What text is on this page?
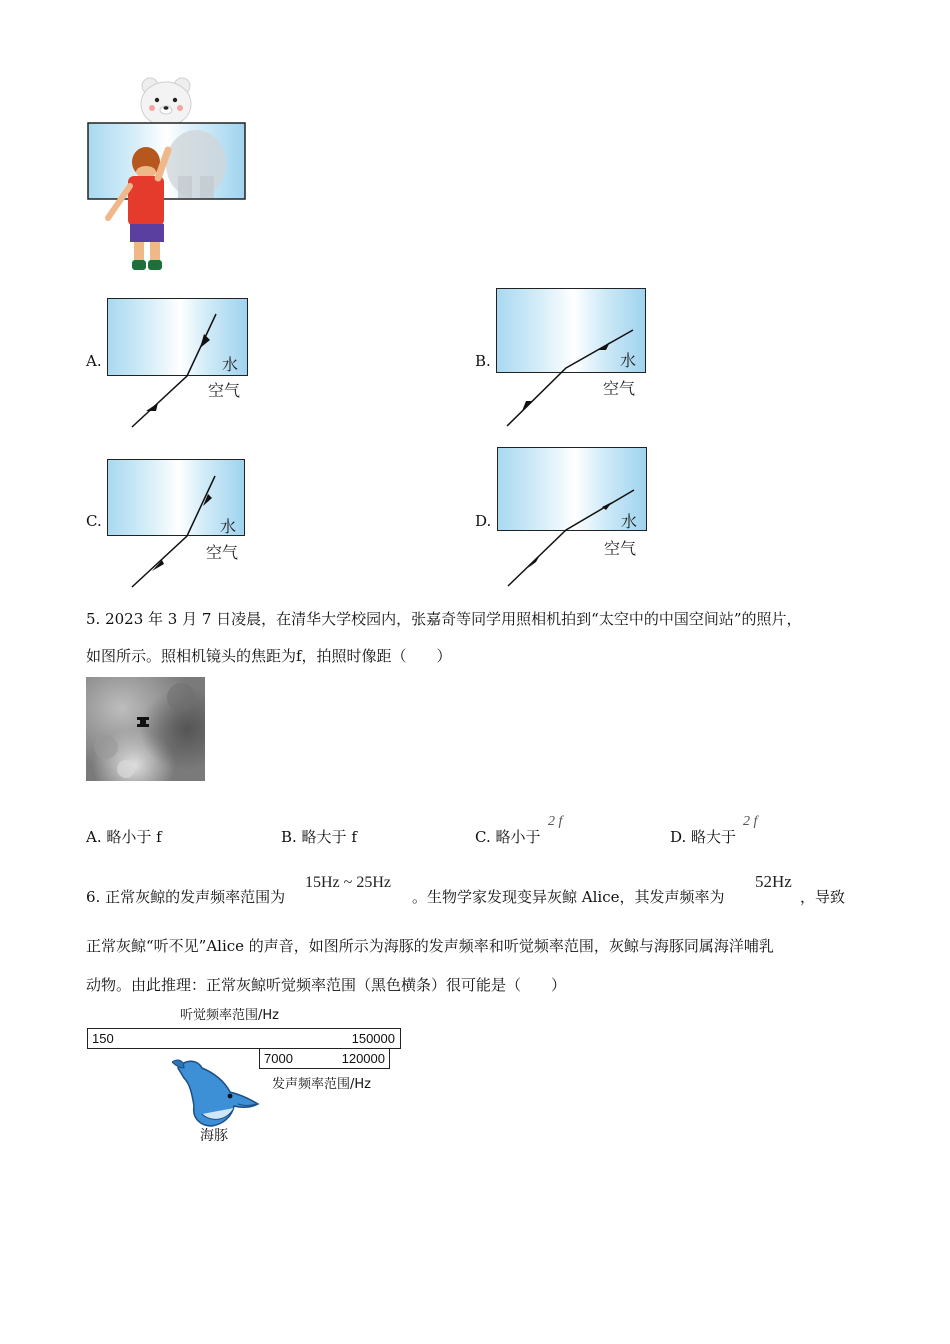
A.	水
空气
B.	水
空气
C.	水
空气
D.	水
空气
5. 2023 年 3 月 7 日凌晨，在清华大学校园内，张嘉奇等同学用照相机拍到“太空中的中国空间站”的照片，
如图所示。照相机镜头的焦距为f，拍照时像距（　　）
A. 略小于 f	B. 略大于 f	C. 略小于
2 f
D. 略大于
2 f
6. 正常灰鲸的发声频率范围为
15Hz ~ 25Hz
。生物学家发现变异灰鲸 Alice，其发声频率为
52Hz
，导致
正常灰鲸“听不见”Alice 的声音，如图所示为海豚的发声频率和听觉频率范围，灰鲸与海豚同属海洋哺乳
动物。由此推理：正常灰鲸听觉频率范围（黑色横条）很可能是（　　）
听觉频率范围/Hz
150	150000
7000	120000
发声频率范围/Hz
海豚
